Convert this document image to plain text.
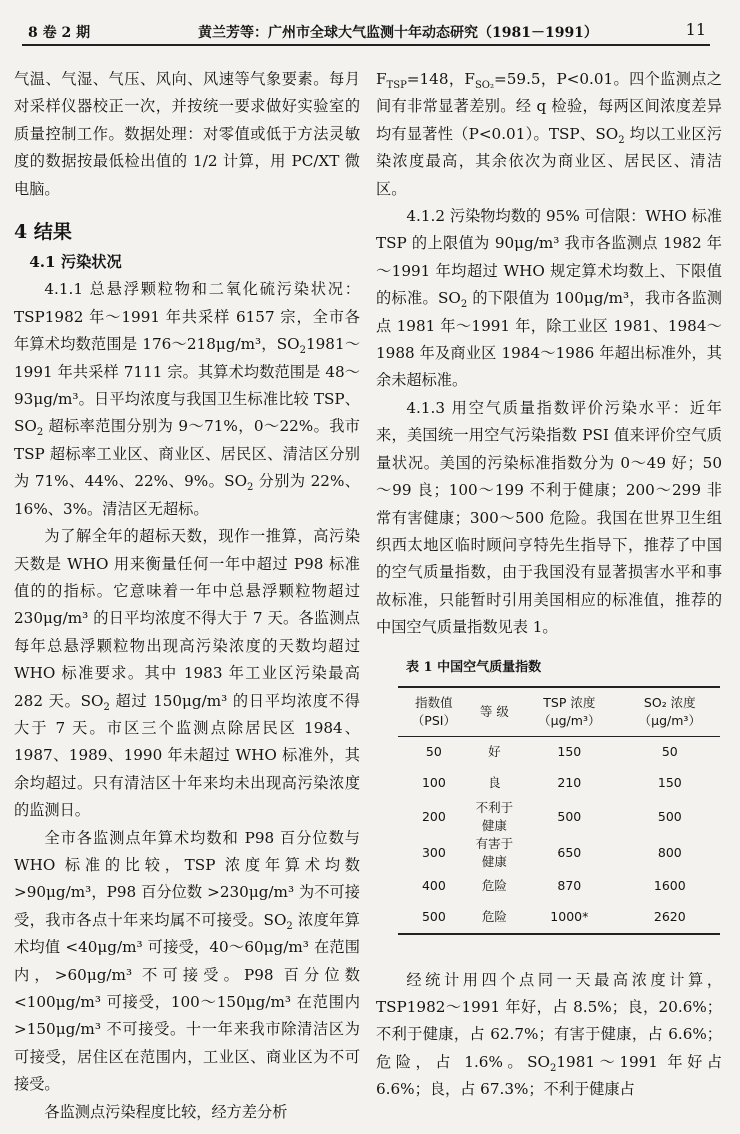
8 卷 2 期	黄兰芳等：广州市全球大气监测十年动态研究（1981－1991）	11

气温、气湿、气压、风向、风速等气象要素。每月对采样仪器校正一次，并按统一要求做好实验室的质量控制工作。数据处理：对零值或低于方法灵敏度的数据按最低检出值的 1/2 计算，用 PC/XT 微电脑。

4 结果

4.1 污染状况

4.1.1 总悬浮颗粒物和二氧化硫污染状况：TSP1982 年～1991 年共采样 6157 宗，全市各年算术均数范围是 176～218μg/m³，$SO_21981\sim 1991$ 年共采样 7111 宗。其算术均数范围是 48～93μg/m³。日平均浓度与我国卫生标准比较 TSP、$SO_2$ 超标率范围分别为 9～71%，0～22%。我市 TSP 超标率工业区、商业区、居民区、清洁区分别为 71%、44%、22%、9%。$SO_2$ 分别为 22%、16%、3%。清洁区无超标。

为了解全年的超标天数，现作一推算，高污染天数是 WHO 用来衡量任何一年中超过 P98 标准值的的指标。它意味着一年中总悬浮颗粒物超过 230μg/m³ 的日平均浓度不得大于 7 天。各监测点每年总悬浮颗粒物出现高污染浓度的天数均超过 WHO 标准要求。其中 1983 年工业区污染最高 282 天。$SO_2$ 超过 150μg/m³ 的日平均浓度不得大于 7 天。市区三个监测点除居民区 1984、1987、1989、1990 年未超过 WHO 标准外，其余均超过。只有清洁区十年来均未出现高污染浓度的监测日。

全市各监测点年算术均数和 P98 百分位数与 WHO 标准的比较，TSP 浓度年算术均数 >90μg/m³，P98 百分位数 >230μg/m³ 为不可接受，我市各点十年来均属不可接受。$SO_2$ 浓度年算术均值 <40μg/m³ 可接受，40～60μg/m³ 在范围内，>60μg/m³ 不可接受。P98 百分位数 <100μg/m³ 可接受，100～150μg/m³ 在范围内 >150μg/m³ 不可接受。十一年来我市除清洁区为可接受，居住区在范围内，工业区、商业区为不可接受。

各监测点污染程度比较，经方差分析

$F_{TSP}=148$，$F_{SO_2}=59.5$，P<0.01。四个监测点之间有非常显著差别。经 q 检验，每两区间浓度差异均有显著性（P<0.01）。TSP、$SO_2$ 均以工业区污染浓度最高，其余依次为商业区、居民区、清洁区。

4.1.2 污染物均数的 95% 可信限：WHO 标准 TSP 的上限值为 90μg/m³ 我市各监测点 1982 年～1991 年均超过 WHO 规定算术均数上、下限值的标准。$SO_2$ 的下限值为 100μg/m³，我市各监测点 1981 年～1991 年，除工业区 1981、1984～1988 年及商业区 1984～1986 年超出标准外，其余未超标准。

4.1.3 用空气质量指数评价污染水平：近年来，美国统一用空气污染指数 PSI 值来评价空气质量状况。美国的污染标准指数分为 0～49 好；50～99 良；100～199 不利于健康；200～299 非常有害健康；300～500 危险。我国在世界卫生组织西太地区临时顾问亨特先生指导下，推荐了中国的空气质量指数，由于我国没有显著损害水平和事故标准，只能暂时引用美国相应的标准值，推荐的中国空气质量指数见表 1。

表 1 中国空气质量指数
指数值（PSI）	等 级	TSP 浓度（μg/m³）	SO₂ 浓度（μg/m³）
50	好	150	50
100	良	210	150
200	不利于健康	500	500
300	有害于健康	650	800
400	危险	870	1600
500	危险	1000*	2620

经统计用四个点同一天最高浓度计算，TSP1982～1991 年好，占 8.5%；良，20.6%；不利于健康，占 62.7%；有害于健康，占 6.6%；危险，占 1.6%。$SO_21981\sim 1991$ 年好占 6.6%；良，占 67.3%；不利于健康占
